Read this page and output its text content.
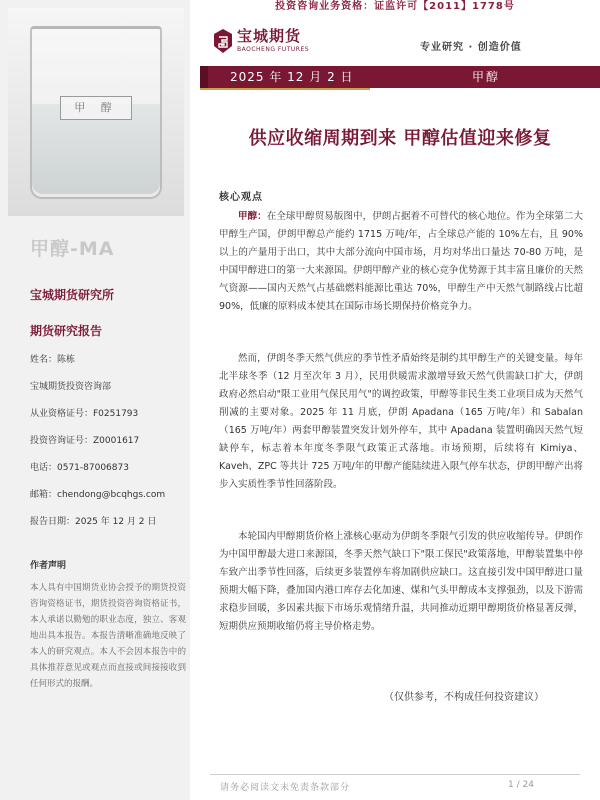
投资咨询业务资格：证监许可【2011】1778号
甲 醇
甲醇-MA
宝城期货研究所
期货研究报告
姓名：陈栋
宝城期货投资咨询部
从业资格证号：F0251793
投资咨询证号：Z0001617
电话：0571-87006873
邮箱：chendong@bcqhgs.com
报告日期：2025 年 12 月 2 日
作者声明
本人具有中国期货业协会授予的期货投资咨询资格证书，期货投资咨询资格证书，本人承诺以勤勉的职业态度，独立、客观地出具本报告。本报告清晰准确地反映了本人的研究观点。本人不会因本报告中的具体推荐意见或观点而直接或间接接收到任何形式的报酬。
宝城期货
BAOCHENG FUTURES	专业研究 · 创造价值
2025 年 12 月 2 日	甲醇
供应收缩周期到来 甲醇估值迎来修复
核心观点

甲醇：在全球甲醇贸易版图中，伊朗占据着不可替代的核心地位。作为全球第二大甲醇生产国，伊朗甲醇总产能约 1715 万吨/年，占全球总产能的 10%左右，且 90%以上的产量用于出口，其中大部分流向中国市场，月均对华出口量达 70-80 万吨，是中国甲醇进口的第一大来源国。伊朗甲醇产业的核心竞争优势源于其丰富且廉价的天然气资源——国内天然气占基础燃料能源比重达 70%，甲醇生产中天然气制路线占比超 90%，低廉的原料成本使其在国际市场长期保持价格竞争力。

然而，伊朗冬季天然气供应的季节性矛盾始终是制约其甲醇生产的关键变量。每年北半球冬季（12 月至次年 3 月），民用供暖需求激增导致天然气供需缺口扩大，伊朗政府必然启动"限工业用气保民用气"的调控政策，甲醇等非民生类工业项目成为天然气削减的主要对象。2025 年 11 月底，伊朗 Apadana（165 万吨/年）和 Sabalan（165 万吨/年）两套甲醇装置突发计划外停车，其中 Apadana 装置明确因天然气短缺停车，标志着本年度冬季限气政策正式落地。市场预期，后续将有 Kimiya、Kaveh、ZPC 等共计 725 万吨/年的甲醇产能陆续进入限气停车状态，伊朗甲醇产出将步入实质性季节性回落阶段。

本轮国内甲醇期货价格上涨核心驱动为伊朗冬季限气引发的供应收缩传导。伊朗作为中国甲醇最大进口来源国，冬季天然气缺口下"限工保民"政策落地，甲醇装置集中停车致产出季节性回落，后续更多装置停车将加剧供应缺口。这直接引发中国甲醇进口量预期大幅下降，叠加国内港口库存去化加速、煤和气头甲醇成本支撑强劲，以及下游需求稳步回暖，多因素共振下市场乐观情绪升温，共同推动近期甲醇期货价格显著反弹，短期供应预期收缩仍将主导价格走势。

（仅供参考，不构成任何投资建议）
请务必阅读文末免责条款部分	1 / 24
